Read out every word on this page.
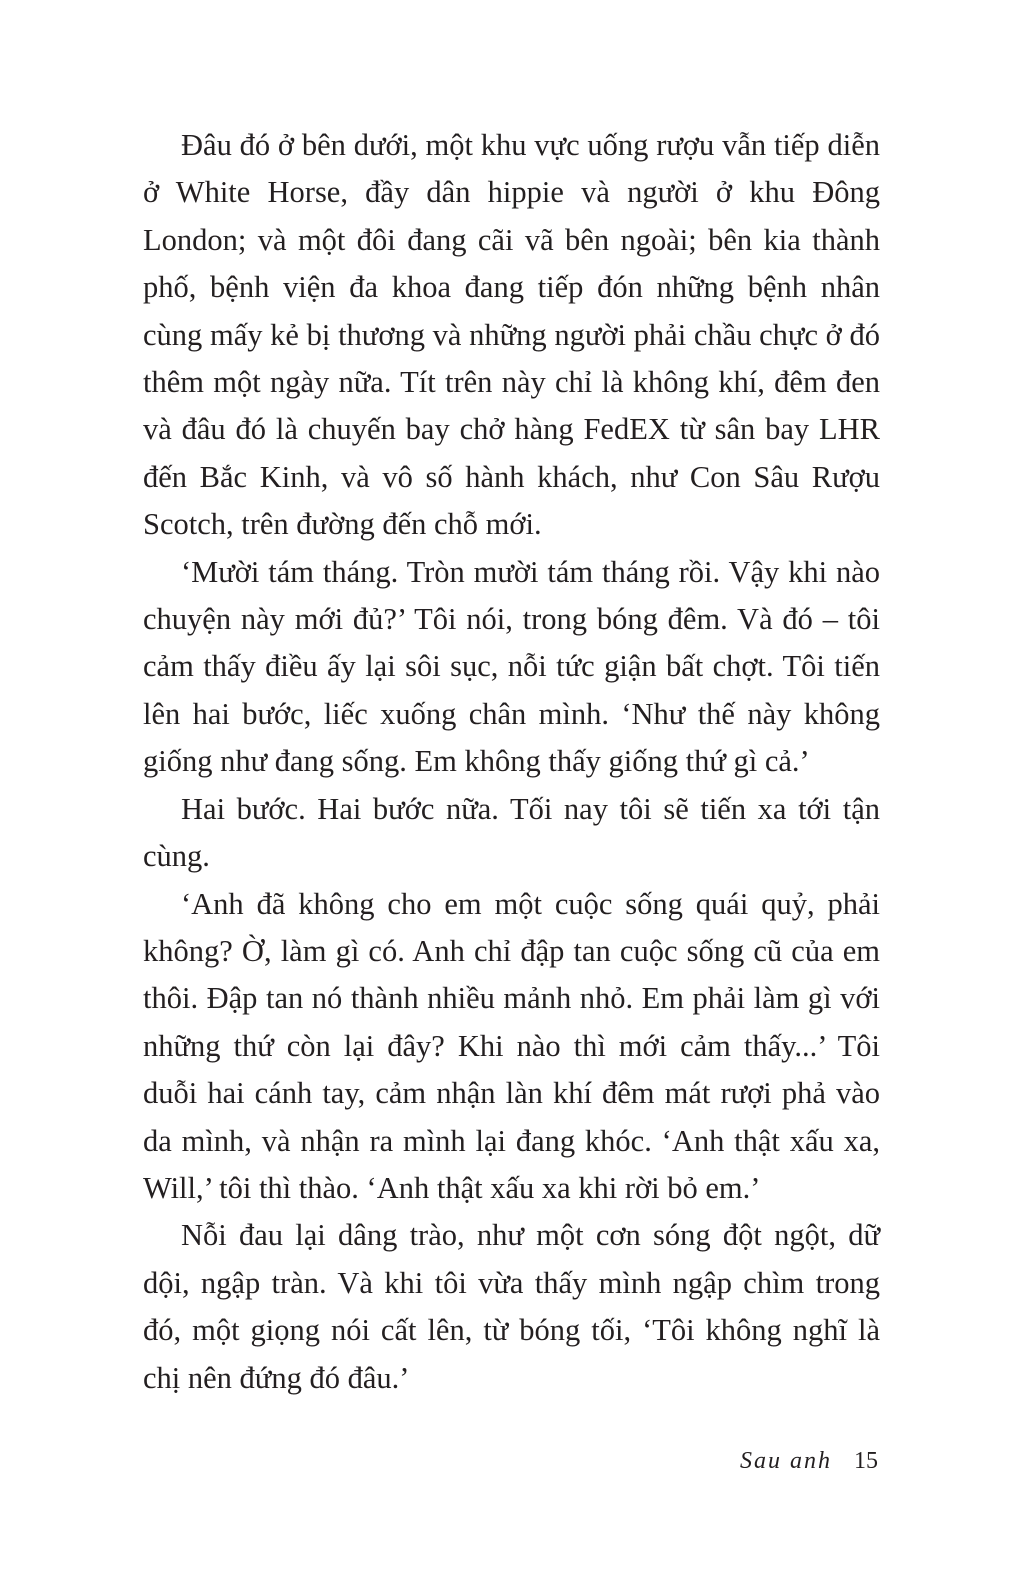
Đâu đó ở bên dưới, một khu vực uống rượu vẫn tiếp diễn ở White Horse, đầy dân hippie và người ở khu Đông London; và một đôi đang cãi vã bên ngoài; bên kia thành phố, bệnh viện đa khoa đang tiếp đón những bệnh nhân cùng mấy kẻ bị thương và những người phải chầu chực ở đó thêm một ngày nữa. Tít trên này chỉ là không khí, đêm đen và đâu đó là chuyến bay chở hàng FedEX từ sân bay LHR đến Bắc Kinh, và vô số hành khách, như Con Sâu Rượu Scotch, trên đường đến chỗ mới.

‘Mười tám tháng. Tròn mười tám tháng rồi. Vậy khi nào chuyện này mới đủ?’ Tôi nói, trong bóng đêm. Và đó – tôi cảm thấy điều ấy lại sôi sục, nỗi tức giận bất chợt. Tôi tiến lên hai bước, liếc xuống chân mình. ‘Như thế này không giống như đang sống. Em không thấy giống thứ gì cả.’

Hai bước. Hai bước nữa. Tối nay tôi sẽ tiến xa tới tận cùng.

‘Anh đã không cho em một cuộc sống quái quỷ, phải không? Ờ, làm gì có. Anh chỉ đập tan cuộc sống cũ của em thôi. Đập tan nó thành nhiều mảnh nhỏ. Em phải làm gì với những thứ còn lại đây? Khi nào thì mới cảm thấy...’ Tôi duỗi hai cánh tay, cảm nhận làn khí đêm mát rượi phả vào da mình, và nhận ra mình lại đang khóc. ‘Anh thật xấu xa, Will,’ tôi thì thào. ‘Anh thật xấu xa khi rời bỏ em.’

Nỗi đau lại dâng trào, như một cơn sóng đột ngột, dữ dội, ngập tràn. Và khi tôi vừa thấy mình ngập chìm trong đó, một giọng nói cất lên, từ bóng tối, ‘Tôi không nghĩ là chị nên đứng đó đâu.’

Sau anh 15
